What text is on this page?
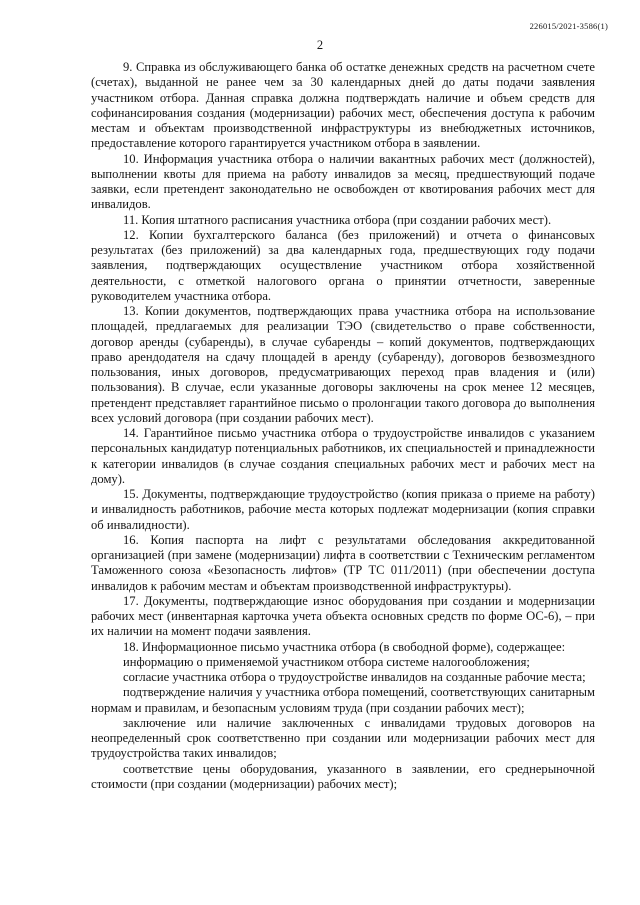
226015/2021-3586(1)
2

9. Справка из обслуживающего банка об остатке денежных средств на расчетном счете (счетах), выданной не ранее чем за 30 календарных дней до даты подачи заявления участником отбора. Данная справка должна подтверждать наличие и объем средств для софинансирования создания (модернизации) рабочих мест, обеспечения доступа к рабочим местам и объектам производственной инфраструктуры из внебюджетных источников, предоставление которого гарантируется участником отбора в заявлении.

10. Информация участника отбора о наличии вакантных рабочих мест (должностей), выполнении квоты для приема на работу инвалидов за месяц, предшествующий подаче заявки, если претендент законодательно не освобожден от квотирования рабочих мест для инвалидов.

11. Копия штатного расписания участника отбора (при создании рабочих мест).

12. Копии бухгалтерского баланса (без приложений) и отчета о финансовых результатах (без приложений) за два календарных года, предшествующих году подачи заявления, подтверждающих осуществление участником отбора хозяйственной деятельности, с отметкой налогового органа о принятии отчетности, заверенные руководителем участника отбора.

13. Копии документов, подтверждающих права участника отбора на использование площадей, предлагаемых для реализации ТЭО (свидетельство о праве собственности, договор аренды (субаренды), в случае субаренды – копий документов, подтверждающих право арендодателя на сдачу площадей в аренду (субаренду), договоров безвозмездного пользования, иных договоров, предусматривающих переход прав владения и (или) пользования). В случае, если указанные договоры заключены на срок менее 12 месяцев, претендент представляет гарантийное письмо о пролонгации такого договора до выполнения всех условий договора (при создании рабочих мест).

14. Гарантийное письмо участника отбора о трудоустройстве инвалидов с указанием персональных кандидатур потенциальных работников, их специальностей и принадлежности к категории инвалидов (в случае создания специальных рабочих мест и рабочих мест на дому).

15. Документы, подтверждающие трудоустройство (копия приказа о приеме на работу) и инвалидность работников, рабочие места которых подлежат модернизации (копия справки об инвалидности).

16. Копия паспорта на лифт с результатами обследования аккредитованной организацией (при замене (модернизации) лифта в соответствии с Техническим регламентом Таможенного союза «Безопасность лифтов» (ТР ТС 011/2011) (при обеспечении доступа инвалидов к рабочим местам и объектам производственной инфраструктуры).

17. Документы, подтверждающие износ оборудования при создании и модернизации рабочих мест (инвентарная карточка учета объекта основных средств по форме ОС-6), – при их наличии на момент подачи заявления.

18. Информационное письмо участника отбора (в свободной форме), содержащее:

информацию о применяемой участником отбора системе налогообложения;

согласие участника отбора о трудоустройстве инвалидов на созданные рабочие места;

подтверждение наличия у участника отбора помещений, соответствующих санитарным нормам и правилам, и безопасным условиям труда (при создании рабочих мест);

заключение или наличие заключенных с инвалидами трудовых договоров на неопределенный срок соответственно при создании или модернизации рабочих мест для трудоустройства таких инвалидов;

соответствие цены оборудования, указанного в заявлении, его среднерыночной стоимости (при создании (модернизации) рабочих мест);
